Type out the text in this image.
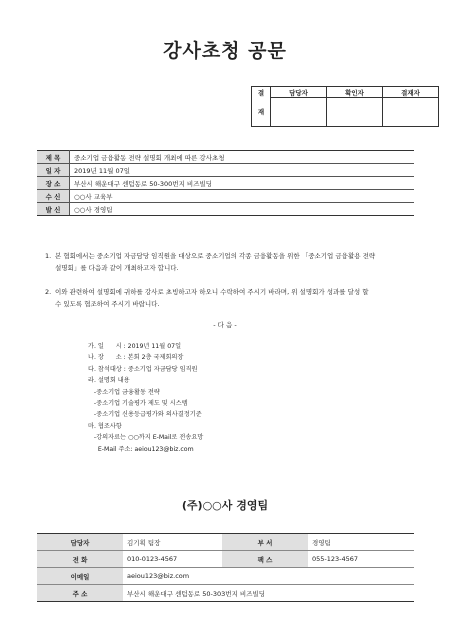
강사초청 공문
결	담당자	확인자	결재자
재			
제 목	중소기업 금융활동 전략 설명회 개최에 따른 강사초청
일 자	2019년 11월 07일
장 소	부산시 해운대구 센텀동로 50-300번지 비즈빌딩
수 신	○○사 교육부
발 신	○○사 경영팀
1. 본 협회에서는 중소기업 자금담당 임직원을 대상으로 중소기업의 각종 금융활동을 위한 「중소기업 금융활용 전략
설명회」를 다음과 같이 개최하고자 합니다.
2. 이와 관련하여 설명회에 귀하를 강사로 초빙하고자 하오니 수락하여 주시기 바라며, 위 설명회가 성과를 달성 할
수 있도록 협조하여 주시기 바랍니다.
- 다 음 -
가. 일      시 : 2019년 11월 07일
나. 장      소 : 본회 2층 국제회의장
다. 참석대상 : 중소기업 자금담당 임직원
라. 설명회 내용
-중소기업 금융활동 전략
-중소기업 기술평가 제도 및 시스템
-중소기업 신용등급평가와 의사결정기준
마. 협조사항
-강의자료는 ○○까지 E-Mail로 전송요망
E-Mail 주소: aeiou123@biz.com
(주)○○사 경영팀
담당자	김기획 팀장	부 서	경영팀
전 화	010-0123-4567	팩 스	055-123-4567
이메일	aeiou123@biz.com		
주 소	부산시 해운대구 센텀동로 50-303번지 비즈빌딩		
